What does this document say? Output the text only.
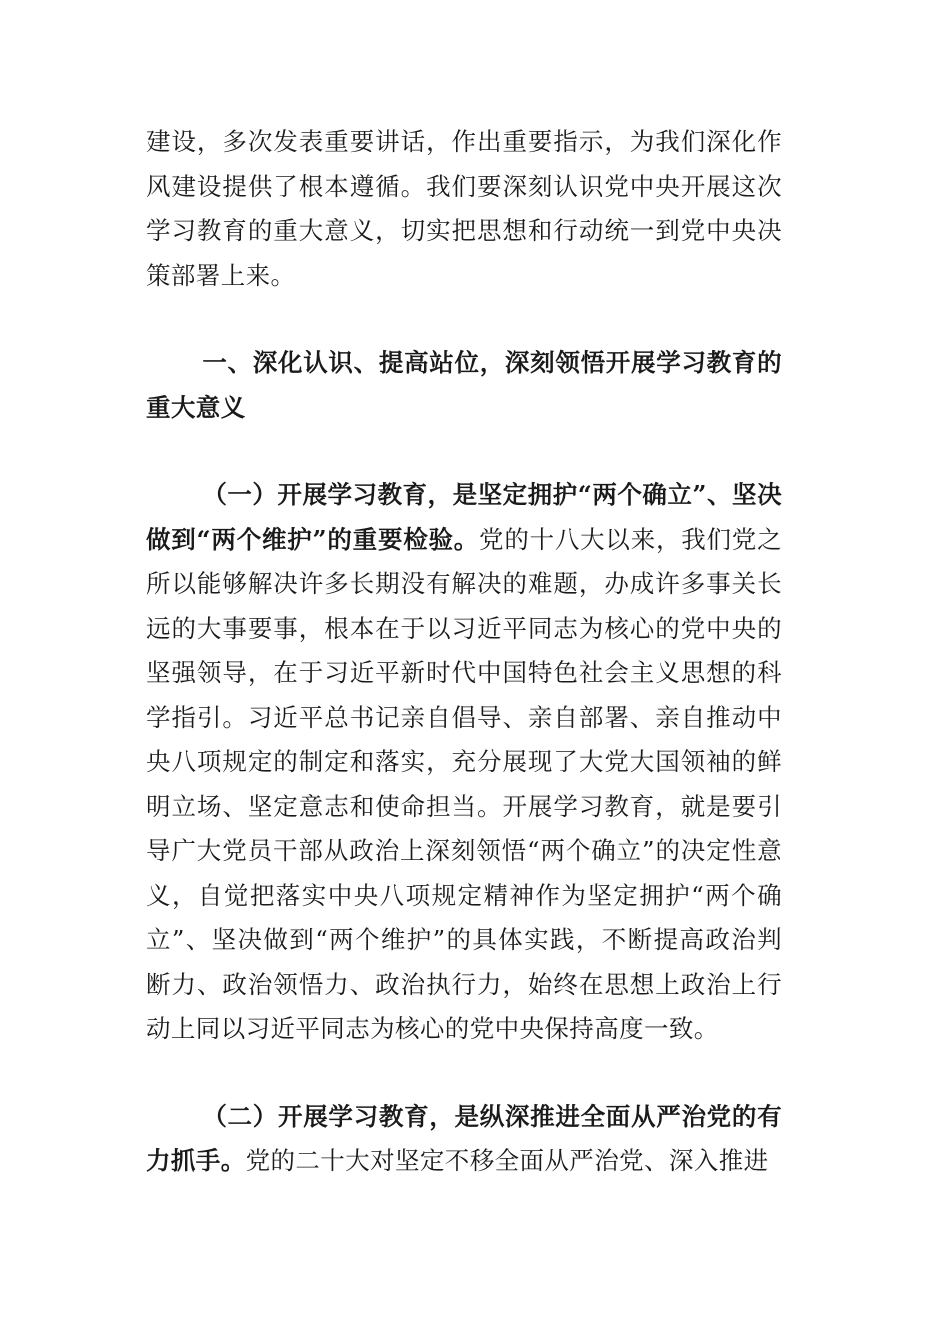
建设，多次发表重要讲话，作出重要指示，为我们深化作风建设提供了根本遵循。我们要深刻认识党中央开展这次学习教育的重大意义，切实把思想和行动统一到党中央决策部署上来。

一、深化认识、提高站位，深刻领悟开展学习教育的重大意义

（一）开展学习教育，是坚定拥护“两个确立”、坚决做到“两个维护”的重要检验。党的十八大以来，我们党之所以能够解决许多长期没有解决的难题，办成许多事关长远的大事要事，根本在于以习近平同志为核心的党中央的坚强领导，在于习近平新时代中国特色社会主义思想的科学指引。习近平总书记亲自倡导、亲自部署、亲自推动中央八项规定的制定和落实，充分展现了大党大国领袖的鲜明立场、坚定意志和使命担当。开展学习教育，就是要引导广大党员干部从政治上深刻领悟“两个确立”的决定性意义，自觉把落实中央八项规定精神作为坚定拥护“两个确立”、坚决做到“两个维护”的具体实践，不断提高政治判断力、政治领悟力、政治执行力，始终在思想上政治上行动上同以习近平同志为核心的党中央保持高度一致。

（二）开展学习教育，是纵深推进全面从严治党的有力抓手。党的二十大对坚定不移全面从严治党、深入推进
